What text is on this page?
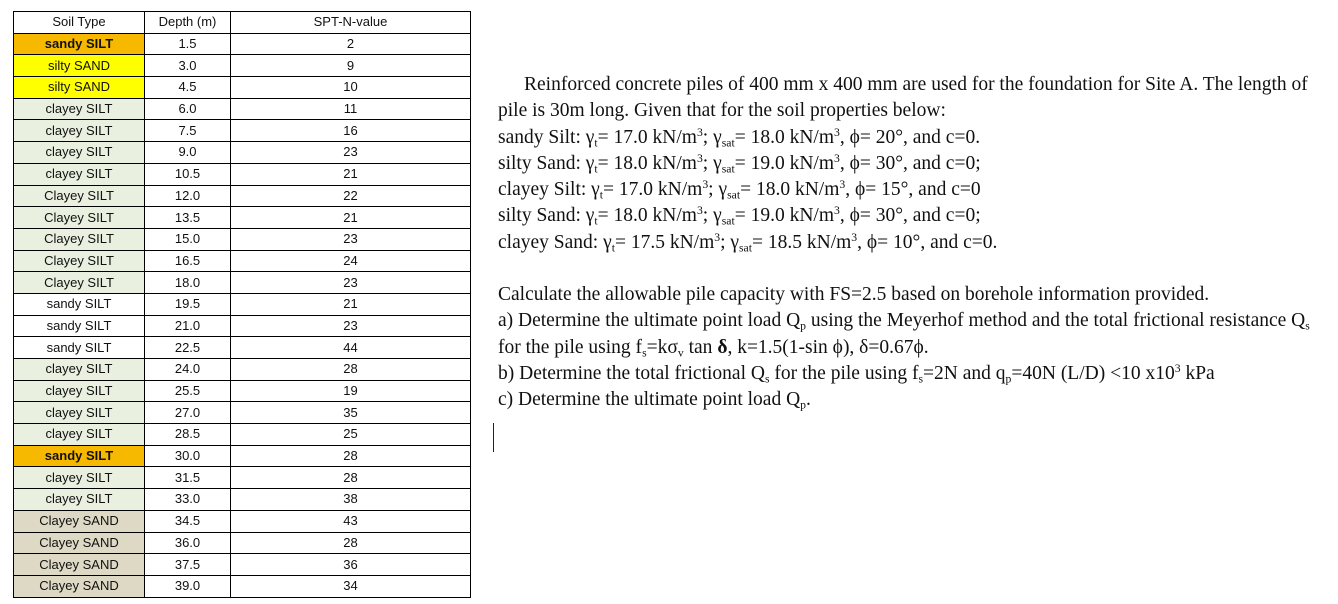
Soil Type	Depth (m)	SPT-N-value
sandy SILT	1.5	2
silty SAND	3.0	9
silty SAND	4.5	10
clayey SILT	6.0	11
clayey SILT	7.5	16
clayey SILT	9.0	23
clayey SILT	10.5	21
Clayey SILT	12.0	22
Clayey SILT	13.5	21
Clayey SILT	15.0	23
Clayey SILT	16.5	24
Clayey SILT	18.0	23
sandy SILT	19.5	21
sandy SILT	21.0	23
sandy SILT	22.5	44
clayey SILT	24.0	28
clayey SILT	25.5	19
clayey SILT	27.0	35
clayey SILT	28.5	25
sandy SILT	30.0	28
clayey SILT	31.5	28
clayey SILT	33.0	38
Clayey SAND	34.5	43
Clayey SAND	36.0	28
Clayey SAND	37.5	36
Clayey SAND	39.0	34

Reinforced concrete piles of 400 mm x 400 mm are used for the foundation for Site A. The length of pile is 30m long. Given that for the soil properties below:

sandy Silt: $\gamma_t= 17.0$ $kN/m^3$; $\gamma_{sat}= 18.0$ $kN/m^3$, ϕ= 20°, and c=0.

silty Sand: $\gamma_t= 18.0$ $kN/m^3$; $\gamma_{sat}= 19.0$ $kN/m^3$, ϕ= 30°, and c=0;

clayey Silt: $\gamma_t= 17.0$ $kN/m^3$; $\gamma_{sat}= 18.0$ $kN/m^3$, ϕ= 15°, and c=0

silty Sand: $\gamma_t= 18.0$ $kN/m^3$; $\gamma_{sat}= 19.0$ $kN/m^3$, ϕ= 30°, and c=0;

clayey Sand: $\gamma_t= 17.5$ $kN/m^3$; $\gamma_{sat}= 18.5$ $kN/m^3$, ϕ= 10°, and c=0.

Calculate the allowable pile capacity with FS=2.5 based on borehole information provided.

a) Determine the ultimate point load $Q_p$ using the Meyerhof method and the total frictional resistance $Q_s$ for the pile using $f_s=k\sigma_v$ tan δ, k=1.5(1-sin ϕ), δ=0.67ϕ.

b) Determine the total frictional $Q_s$ for the pile using $f_s=2N$ and $q_p=40N$ (L/D) <10 $x10^3$ kPa

c) Determine the ultimate point load $Q_p$.
